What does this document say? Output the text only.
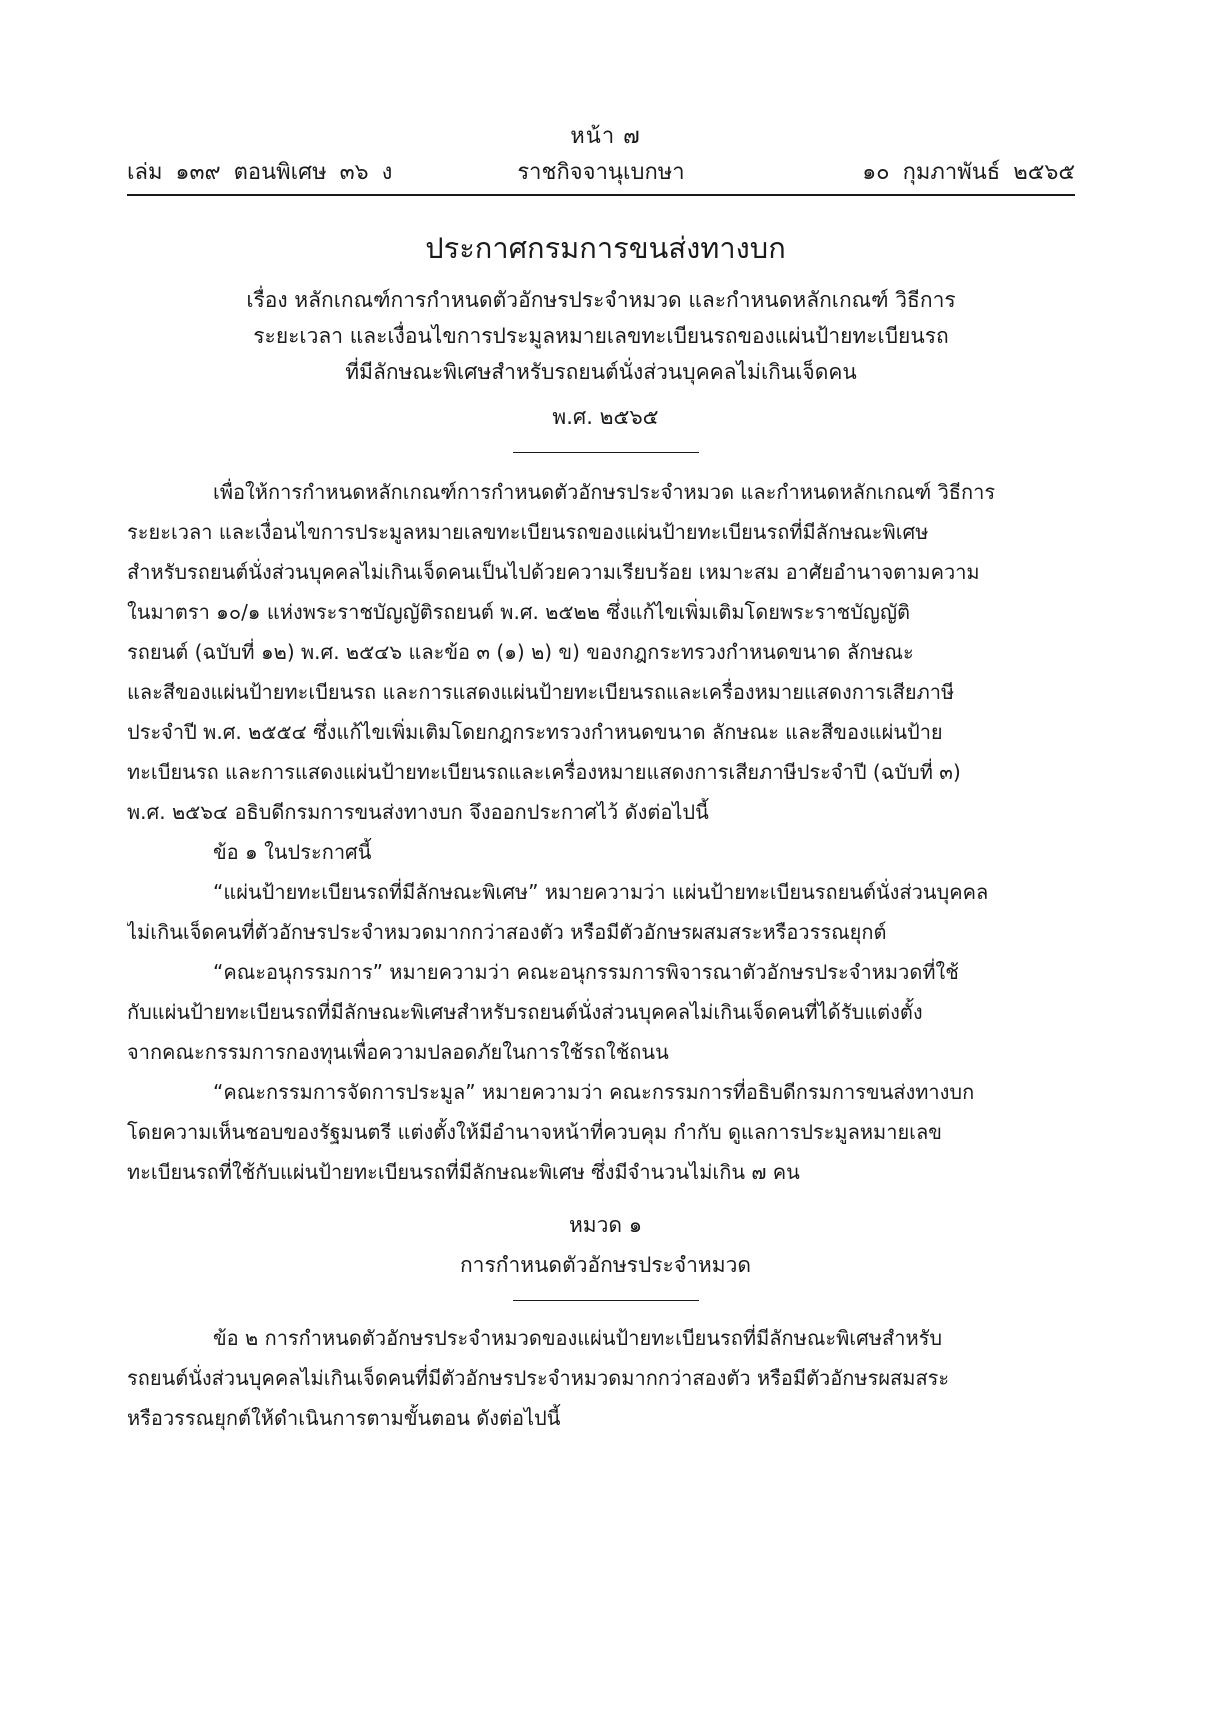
หน้า ๗
ราชกิจจานุเบกษา
เล่ม ๑๓๙ ตอนพิเศษ ๓๖ ง	๑๐ กุมภาพันธ์ ๒๕๖๕
ประกาศกรมการขนส่งทางบก
เรื่อง หลักเกณฑ์การกำหนดตัวอักษรประจำหมวด และกำหนดหลักเกณฑ์ วิธีการ
ระยะเวลา และเงื่อนไขการประมูลหมายเลขทะเบียนรถของแผ่นป้ายทะเบียนรถ
ที่มีลักษณะพิเศษสำหรับรถยนต์นั่งส่วนบุคคลไม่เกินเจ็ดคน
พ.ศ. ๒๕๖๕
เพื่อให้การกำหนดหลักเกณฑ์การกำหนดตัวอักษรประจำหมวด และกำหนดหลักเกณฑ์ วิธีการ
ระยะเวลา และเงื่อนไขการประมูลหมายเลขทะเบียนรถของแผ่นป้ายทะเบียนรถที่มีลักษณะพิเศษ
สำหรับรถยนต์นั่งส่วนบุคคลไม่เกินเจ็ดคนเป็นไปด้วยความเรียบร้อย เหมาะสม อาศัยอำนาจตามความ
ในมาตรา ๑๐/๑ แห่งพระราชบัญญัติรถยนต์ พ.ศ. ๒๕๒๒ ซึ่งแก้ไขเพิ่มเติมโดยพระราชบัญญัติ
รถยนต์ (ฉบับที่ ๑๒) พ.ศ. ๒๕๔๖ และข้อ ๓ (๑) ๒) ข) ของกฎกระทรวงกำหนดขนาด ลักษณะ
และสีของแผ่นป้ายทะเบียนรถ และการแสดงแผ่นป้ายทะเบียนรถและเครื่องหมายแสดงการเสียภาษี
ประจำปี พ.ศ. ๒๕๕๔ ซึ่งแก้ไขเพิ่มเติมโดยกฎกระทรวงกำหนดขนาด ลักษณะ และสีของแผ่นป้าย
ทะเบียนรถ และการแสดงแผ่นป้ายทะเบียนรถและเครื่องหมายแสดงการเสียภาษีประจำปี (ฉบับที่ ๓)
พ.ศ. ๒๕๖๔ อธิบดีกรมการขนส่งทางบก จึงออกประกาศไว้ ดังต่อไปนี้
ข้อ ๑ ในประกาศนี้
“แผ่นป้ายทะเบียนรถที่มีลักษณะพิเศษ” หมายความว่า แผ่นป้ายทะเบียนรถยนต์นั่งส่วนบุคคล
ไม่เกินเจ็ดคนที่ตัวอักษรประจำหมวดมากกว่าสองตัว หรือมีตัวอักษรผสมสระหรือวรรณยุกต์
“คณะอนุกรรมการ” หมายความว่า คณะอนุกรรมการพิจารณาตัวอักษรประจำหมวดที่ใช้
กับแผ่นป้ายทะเบียนรถที่มีลักษณะพิเศษสำหรับรถยนต์นั่งส่วนบุคคลไม่เกินเจ็ดคนที่ได้รับแต่งตั้ง
จากคณะกรรมการกองทุนเพื่อความปลอดภัยในการใช้รถใช้ถนน
“คณะกรรมการจัดการประมูล” หมายความว่า คณะกรรมการที่อธิบดีกรมการขนส่งทางบก
โดยความเห็นชอบของรัฐมนตรี แต่งตั้งให้มีอำนาจหน้าที่ควบคุม กำกับ ดูแลการประมูลหมายเลข
ทะเบียนรถที่ใช้กับแผ่นป้ายทะเบียนรถที่มีลักษณะพิเศษ ซึ่งมีจำนวนไม่เกิน ๗ คน
หมวด ๑
การกำหนดตัวอักษรประจำหมวด
ข้อ ๒ การกำหนดตัวอักษรประจำหมวดของแผ่นป้ายทะเบียนรถที่มีลักษณะพิเศษสำหรับ
รถยนต์นั่งส่วนบุคคลไม่เกินเจ็ดคนที่มีตัวอักษรประจำหมวดมากกว่าสองตัว หรือมีตัวอักษรผสมสระ
หรือวรรณยุกต์ให้ดำเนินการตามขั้นตอน ดังต่อไปนี้
